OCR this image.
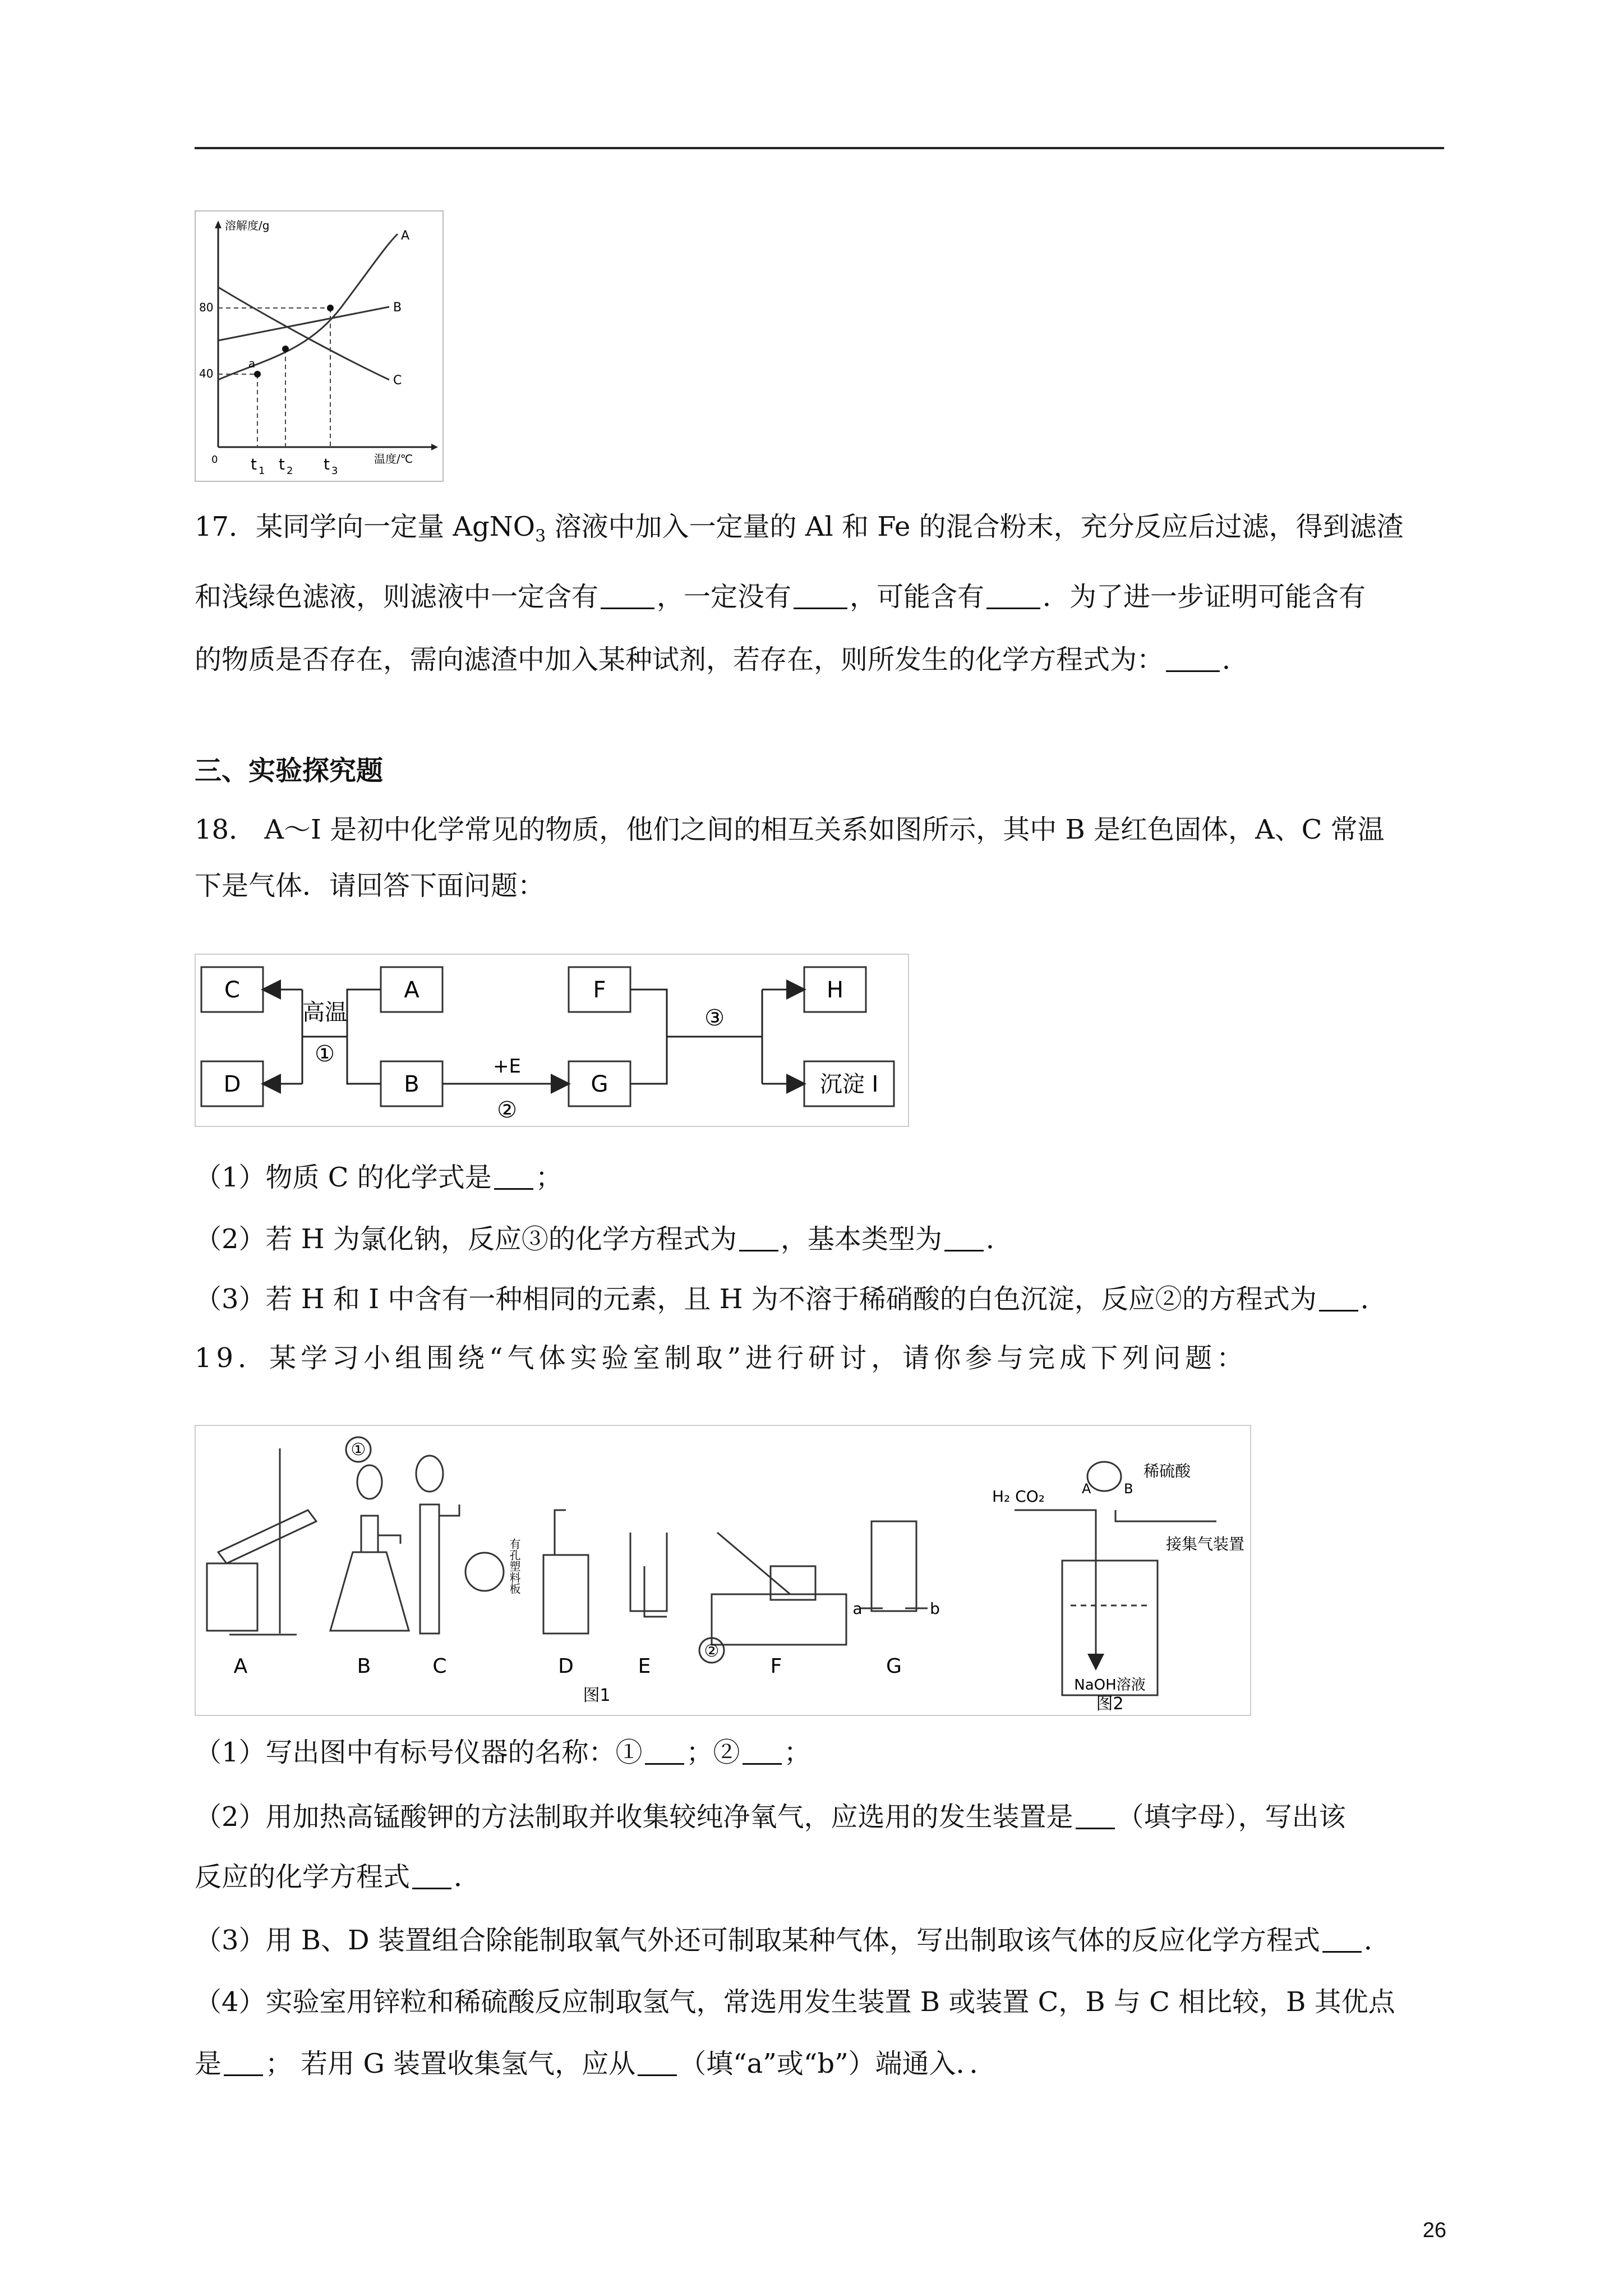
溶解度/g
温度/℃
80
40
0
a
A
B
C
t 1 t 2 t 3

17．某同学向一定量 AgNO$_3$ 溶液中加入一定量的 Al 和 Fe 的混合粉末，充分反应后过滤，得到滤渣

和浅绿色滤液，则滤液中一定含有 ，一定没有 ，可能含有 ．为了进一步证明可能含有

的物质是否存在，需向滤渣中加入某种试剂，若存在，则所发生的化学方程式为： ．

三、实验探究题

18． A～I 是初中化学常见的物质，他们之间的相互关系如图所示，其中 B 是红色固体，A、C 常温

下是气体．请回答下面问题：

C
D
A
B
F
G
H
沉淀 I
高温
①	+E
②
③

（1）物质 C 的化学式是 ；

（2）若 H 为氯化钠，反应③的化学方程式为 ，基本类型为 ．

（3）若 H 和 I 中含有一种相同的元素，且 H 为不溶于稀硝酸的白色沉淀，反应②的方程式为 ．

19．某学习小组围绕“气体实验室制取”进行研讨，请你参与完成下列问题：

A	B	C	D	E	F	G
图1	图2
①
②
a	b
NaOH溶液
有孔塑料板
H₂ CO₂	A B
稀硫酸
接集气装置

（1）写出图中有标号仪器的名称：① ；② ；

（2）用加热高锰酸钾的方法制取并收集较纯净氧气，应选用的发生装置是 （填字母），写出该

反应的化学方程式 ．

（3）用 B、D 装置组合除能制取氧气外还可制取某种气体，写出制取该气体的反应化学方程式 ．

（4）实验室用锌粒和稀硫酸反应制取氢气，常选用发生装置 B 或装置 C，B 与 C 相比较，B 其优点

是 ； 若用 G 装置收集氢气，应从 （填“a”或“b”）端通入．．

26
